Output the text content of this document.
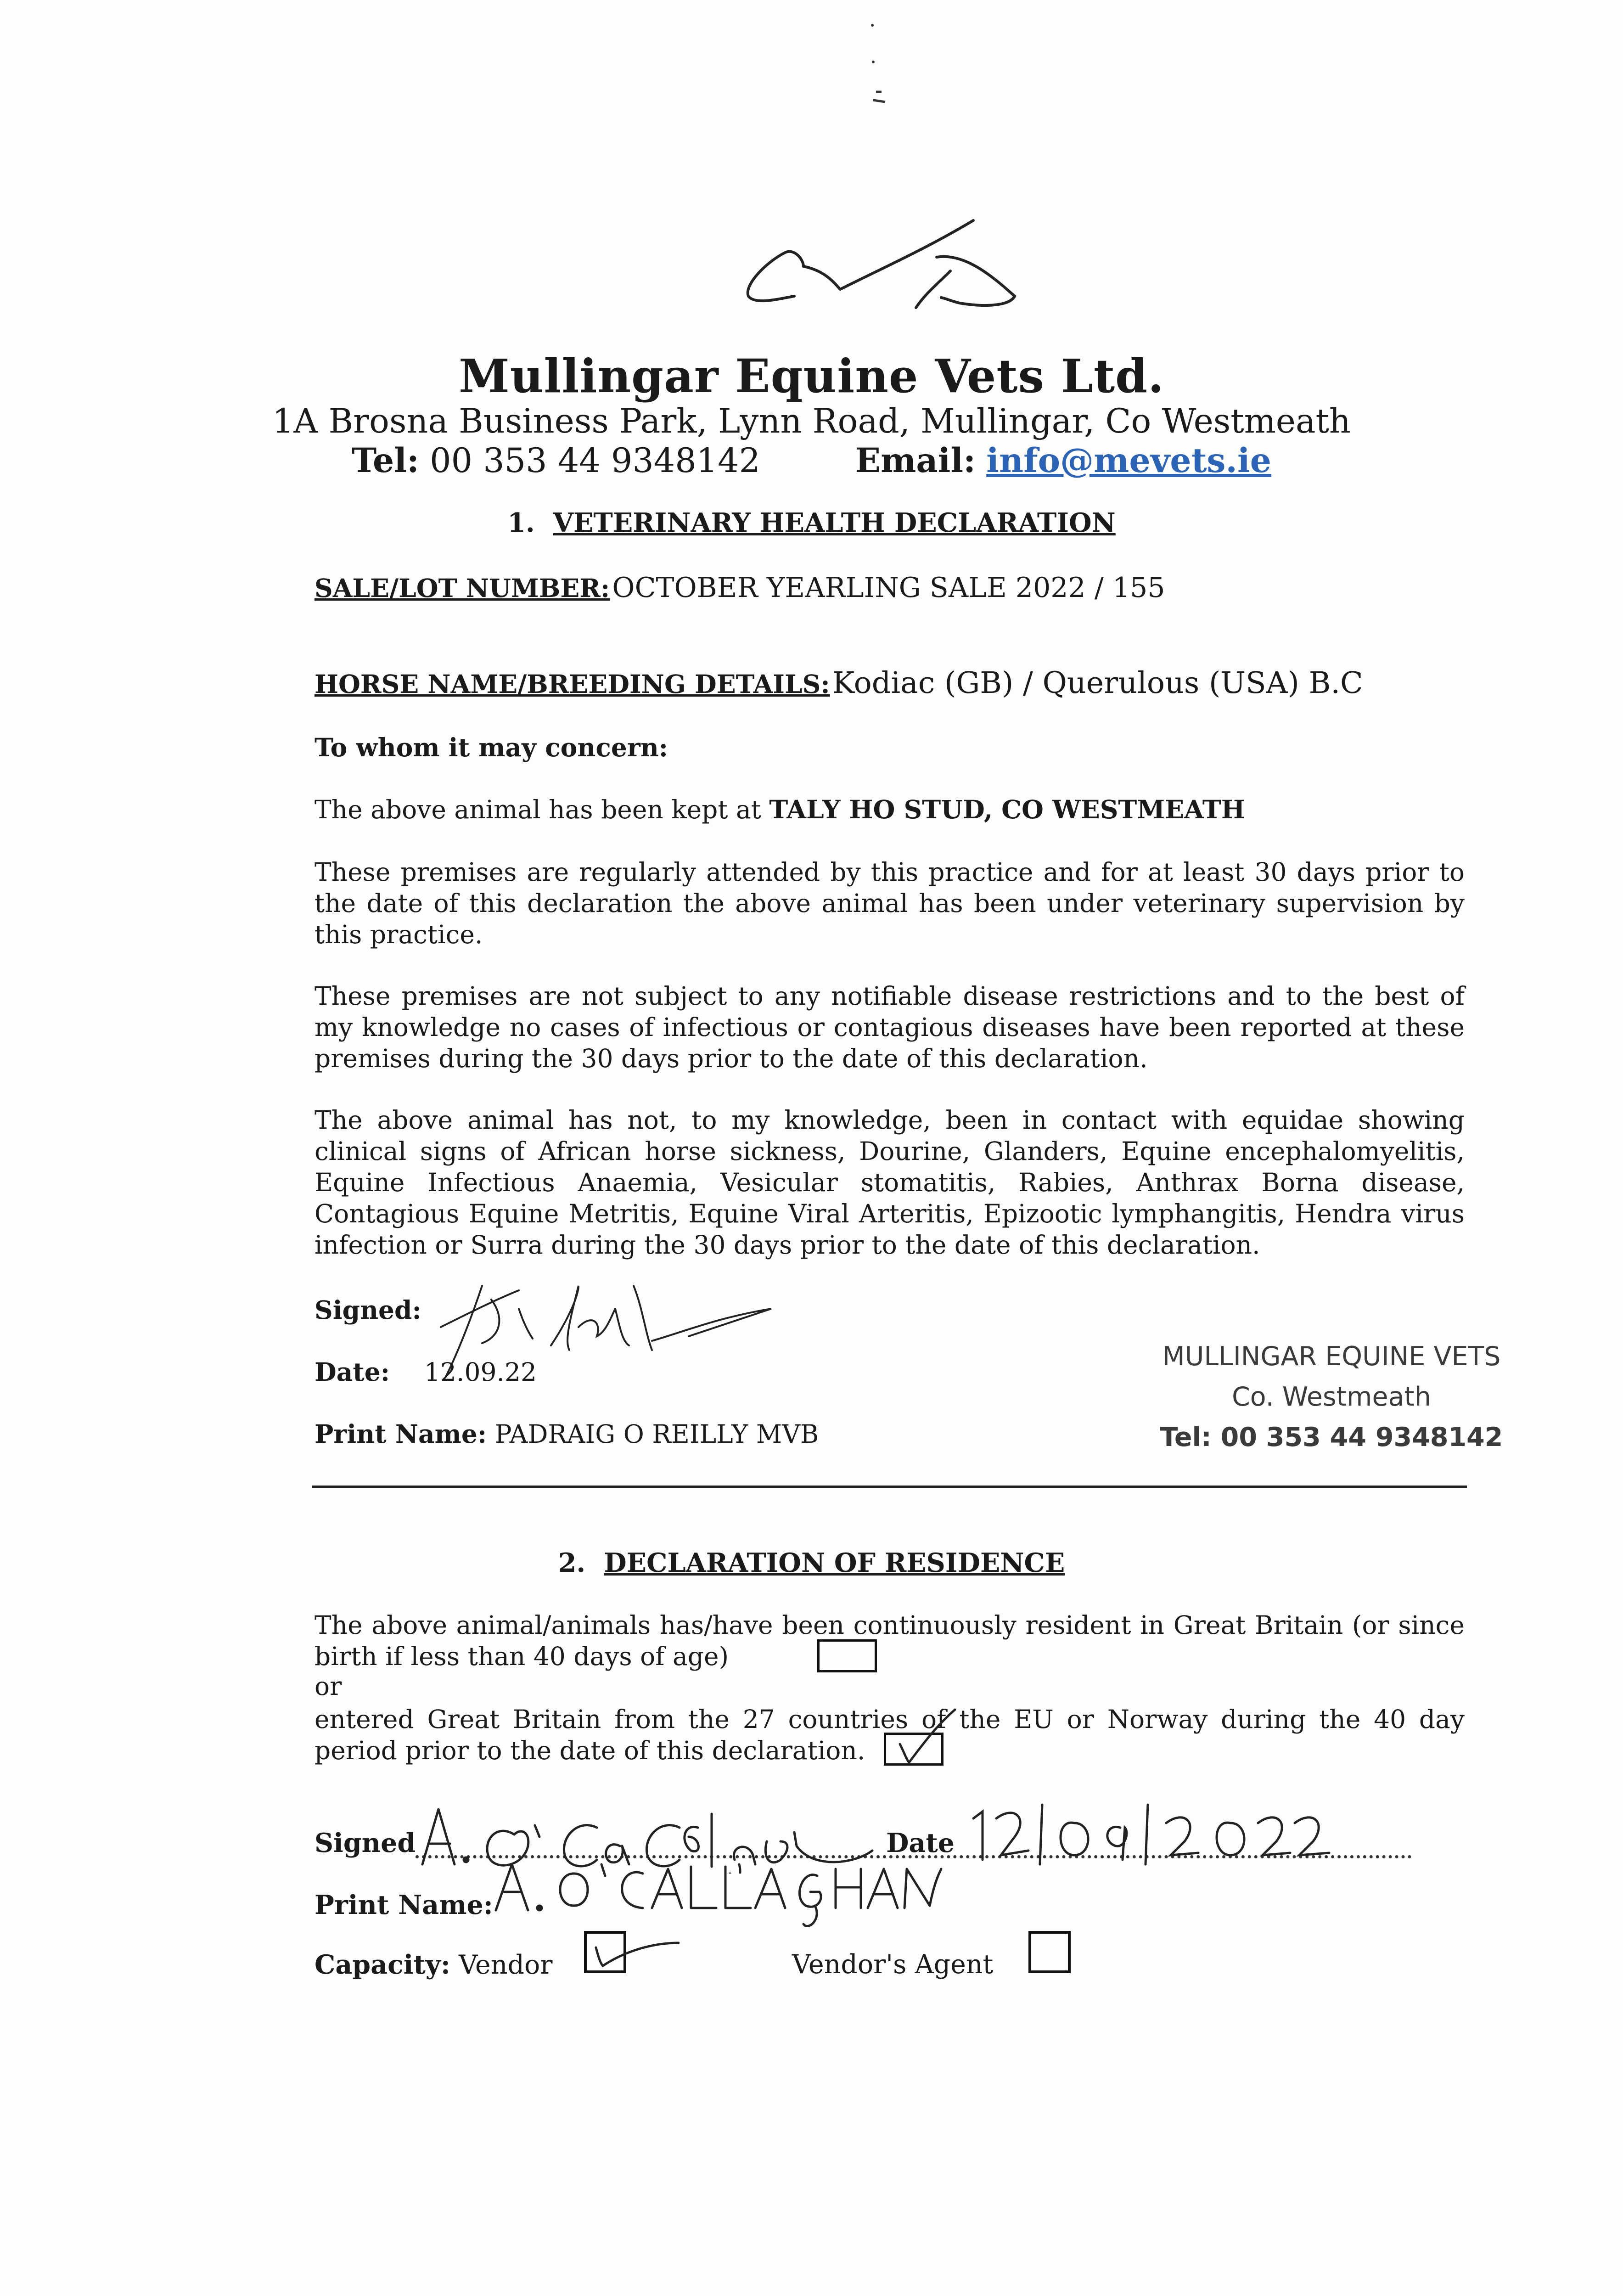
Mullingar Equine Vets Ltd.
1A Brosna Business Park, Lynn Road, Mullingar, Co Westmeath
Tel: 00 353 44 9348142	Email: info@mevets.ie
1. VETERINARY HEALTH DECLARATION
SALE/LOT NUMBER: OCTOBER YEARLING SALE 2022 / 155
HORSE NAME/BREEDING DETAILS: Kodiac (GB) / Querulous (USA) B.C
To whom it may concern:
The above animal has been kept at TALY HO STUD, CO WESTMEATH
These premises are regularly attended by this practice and for at least 30 days prior to the date of this declaration the above animal has been under veterinary supervision by this practice.
These premises are not subject to any notifiable disease restrictions and to the best of my knowledge no cases of infectious or contagious diseases have been reported at these premises during the 30 days prior to the date of this declaration.
The above animal has not, to my knowledge, been in contact with equidae showing clinical signs of African horse sickness, Dourine, Glanders, Equine encephalomyelitis, Equine Infectious Anaemia, Vesicular stomatitis, Rabies, Anthrax Borna disease, Contagious Equine Metritis, Equine Viral Arteritis, Epizootic lymphangitis, Hendra virus infection or Surra during the 30 days prior to the date of this declaration.
Signed:
Date: 12.09.22
Print Name: PADRAIG O REILLY MVB
MULLINGAR EQUINE VETS
Co. Westmeath
Tel: 00 353 44 9348142
2. DECLARATION OF RESIDENCE
The above animal/animals has/have been continuously resident in Great Britain (or since birth if less than 40 days of age)
or
entered Great Britain from the 27 countries of the EU or Norway during the 40 day period prior to the date of this declaration.
Signed	Date
Print Name:
Capacity: Vendor	Vendor's Agent
